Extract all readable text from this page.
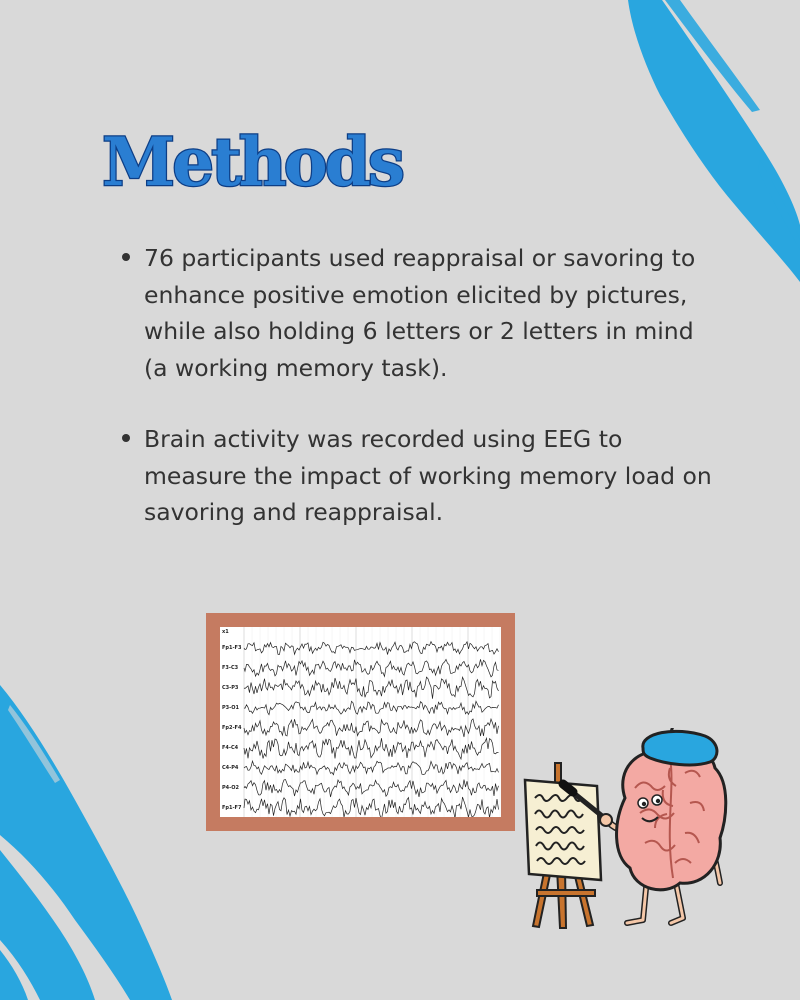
Methods
76 participants used reappraisal or savoring to enhance positive emotion elicited by pictures, while also holding 6 letters or 2 letters in mind (a working memory task).
Brain activity was recorded using EEG to measure the impact of working memory load on savoring and reappraisal.
x1
Fp1-F3
F3-C3
C3-P3
P3-O1
Fp2-F4
F4-C4
C4-P4
P4-O2
Fp1-F7
